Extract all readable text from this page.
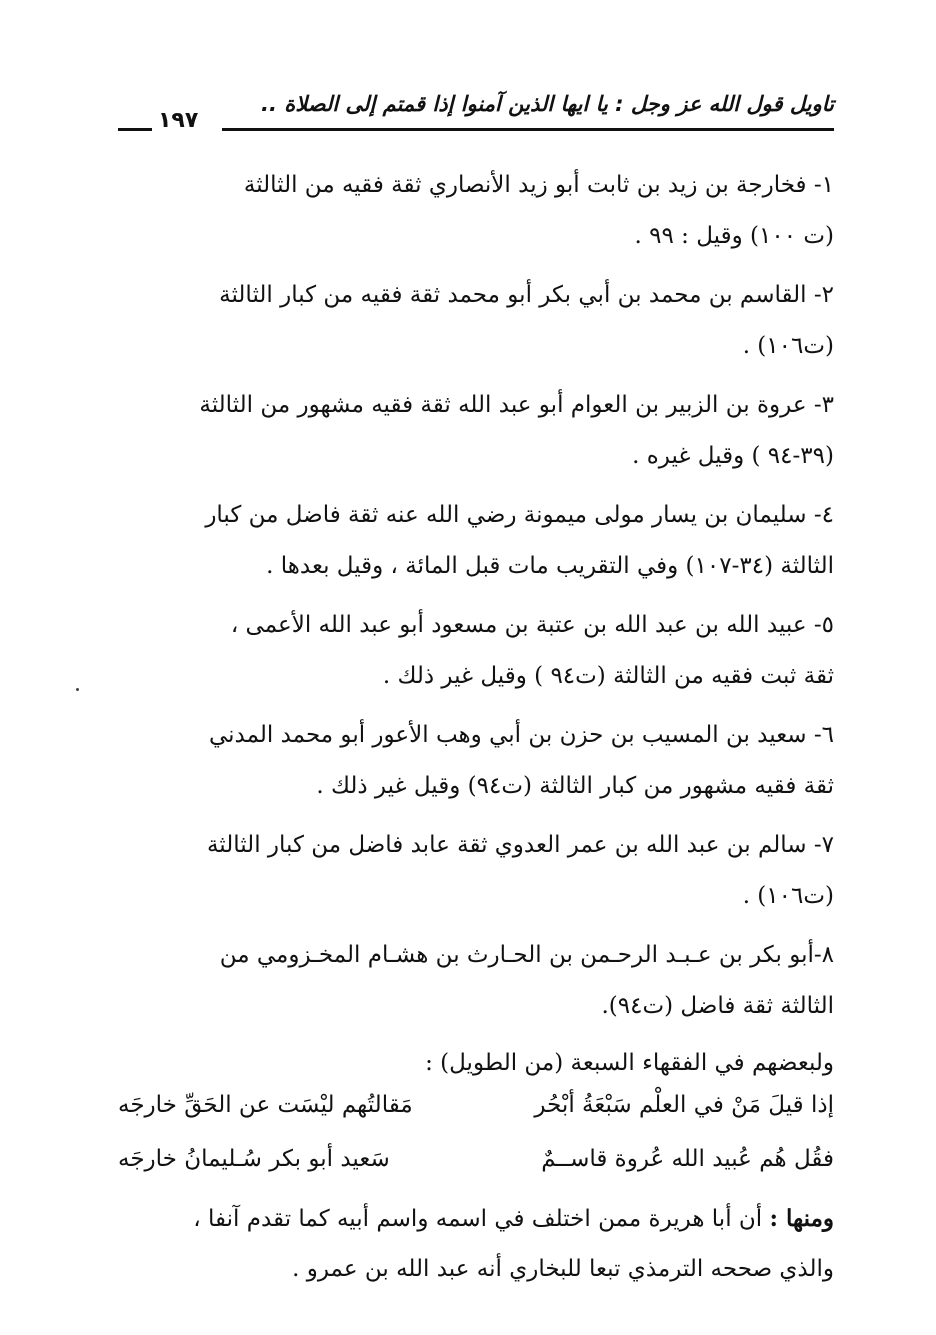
تاويل قول الله عز وجل : يا ايها الذين آمنوا إذا قمتم إلى الصلاة ..
١٩٧
١- فخارجة بن زيد بن ثابت أبو زيد الأنصاري ثقة فقيه من الثالثة
(ت ١٠٠) وقيل : ٩٩ .
٢- القاسم بن محمد بن أبي بكر أبو محمد ثقة فقيه من كبار الثالثة
(ت١٠٦) .
٣- عروة بن الزبير بن العوام أبو عبد الله ثقة فقيه مشهور من الثالثة
(٣٩-٩٤ ) وقيل غيره .
٤- سليمان بن يسار مولى ميمونة رضي الله عنه ثقة فاضل من كبار
الثالثة (٣٤-١٠٧) وفي التقريب مات قبل المائة ، وقيل بعدها .
٥- عبيد الله بن عبد الله بن عتبة بن مسعود أبو عبد الله الأعمى ،
ثقة ثبت فقيه من الثالثة (ت٩٤ ) وقيل غير ذلك .
٦- سعيد بن المسيب بن حزن بن أبي وهب الأعور أبو محمد المدني
ثقة فقيه مشهور من كبار الثالثة (ت٩٤) وقيل غير ذلك .
٧- سالم بن عبد الله بن عمر العدوي ثقة عابد فاضل من كبار الثالثة
(ت١٠٦) .
٨-أبو بكر بن عـبـد الرحـمن بن الحـارث بن هشـام المخـزومي من
الثالثة ثقة فاضل (ت٩٤).
ولبعضهم في الفقهاء السبعة (من الطويل) :
إذا قيلَ مَنْ في العلْم سَبْعَةُ أبْحُر
مَقالتُهم ليْسَت عن الحَقِّ خارجَه
فقُل هُم عُبيد الله عُروة قاســمٌ
سَعيد أبو بكر سُـليمانُ خارجَه
ومنها : أن أبا هريرة ممن اختلف في اسمه واسم أبيه كما تقدم آنفا ،
والذي صححه الترمذي تبعا للبخاري أنه عبد الله بن عمرو .
